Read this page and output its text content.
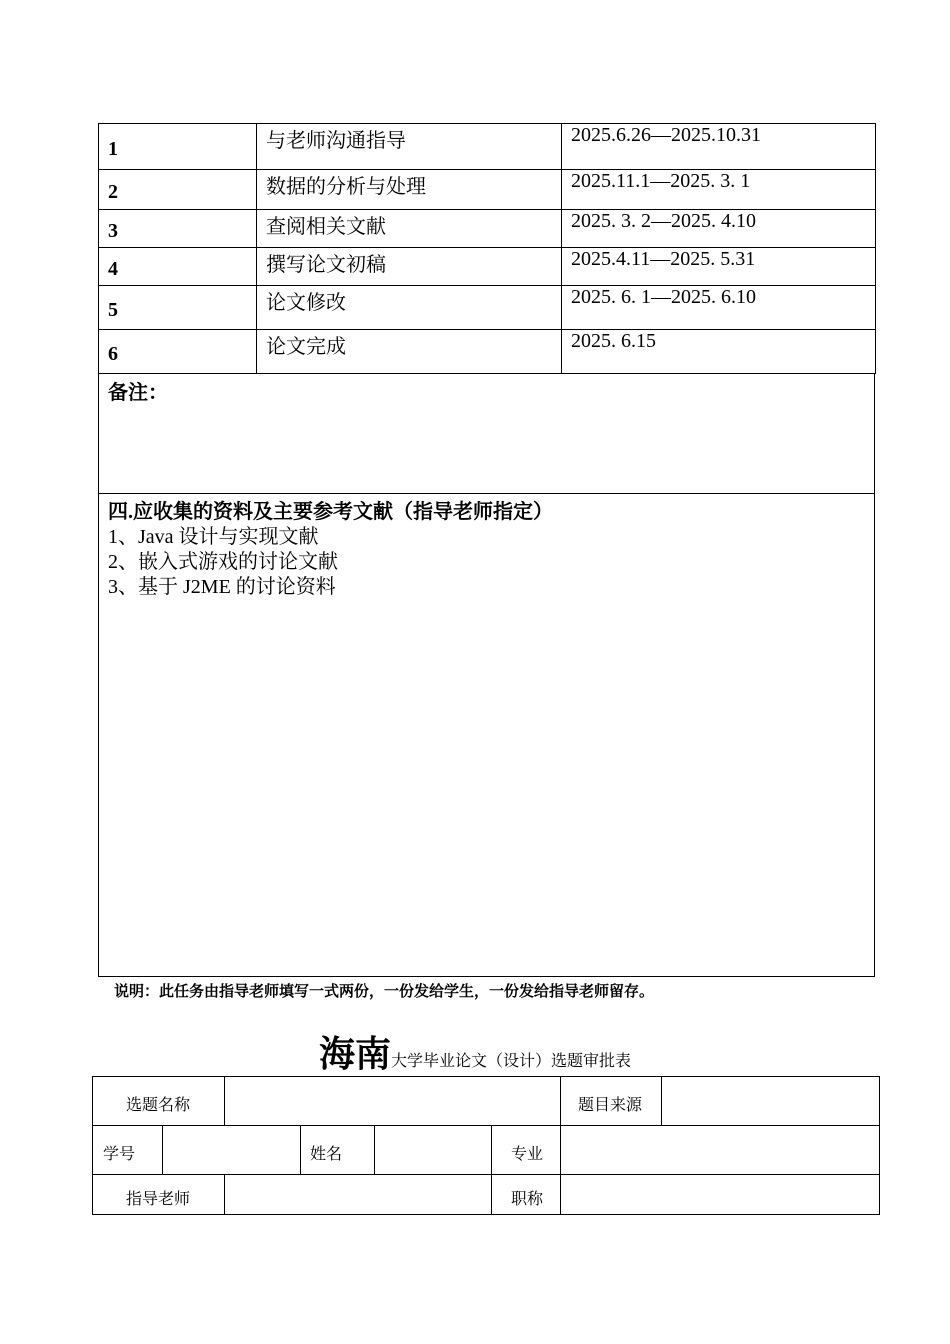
1	与老师沟通指导	2025.6.26—2025.10.31
2	数据的分析与处理	2025.11.1—2025. 3. 1
3	查阅相关文献	2025. 3. 2—2025. 4.10
4	撰写论文初稿	2025.4.11—2025. 5.31
5	论文修改	2025. 6. 1—2025. 6.10
6	论文完成	2025. 6.15
备注：
四.应收集的资料及主要参考文献（指导老师指定）
1、Java 设计与实现文献
2、嵌入式游戏的讨论文献
3、基于 J2ME 的讨论资料
说明：此任务由指导老师填写一式两份，一份发给学生，一份发给指导老师留存。
海南大学毕业论文（设计）选题审批表
选题名称	题目来源
学号	姓名	专业
指导老师	职称
